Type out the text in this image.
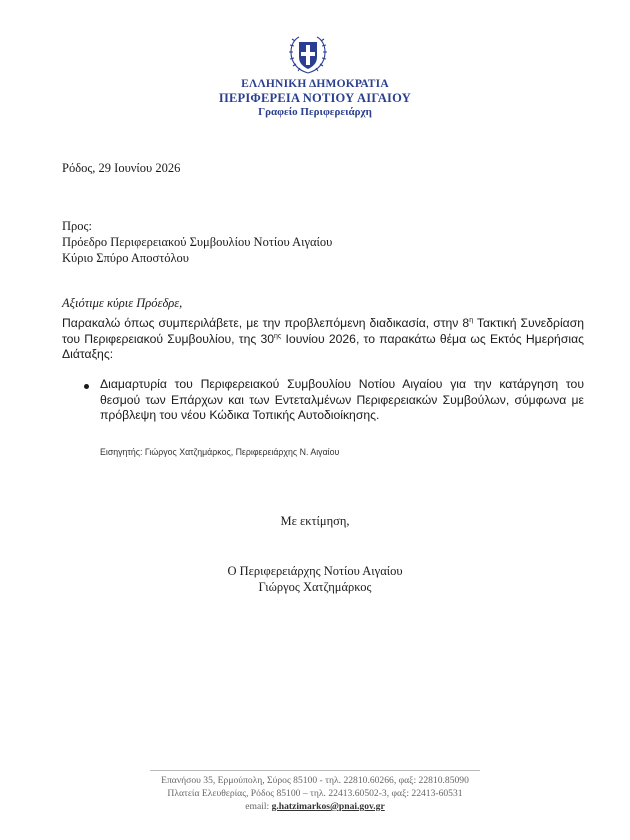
ΕΛΛΗΝΙΚΗ ΔΗΜΟΚΡΑΤΙΑ
ΠΕΡΙΦΕΡΕΙΑ ΝΟΤΙΟΥ ΑΙΓΑΙΟΥ
Γραφείο Περιφερειάρχη
Ρόδος, 29 Ιουνίου 2026
Προς:
Πρόεδρο Περιφερειακού Συμβουλίου Νοτίου Αιγαίου
Κύριο Σπύρο Αποστόλου
Αξιότιμε κύριε Πρόεδρε,
Παρακαλώ όπως συμπεριλάβετε, με την προβλεπόμενη διαδικασία, στην $8^\eta$ Τακτική Συνεδρίαση του Περιφερειακού Συμβουλίου, της $30^{\eta\varsigma}$ Ιουνίου 2026, το παρακάτω θέμα ως Εκτός Ημερήσιας Διάταξης:
Διαμαρτυρία του Περιφερειακού Συμβουλίου Νοτίου Αιγαίου για την κατάργηση του θεσμού των Επάρχων και των Εντεταλμένων Περιφερειακών Συμβούλων, σύμφωνα με πρόβλεψη του νέου Κώδικα Τοπικής Αυτοδιοίκησης.
Εισηγητής: Γιώργος Χατζημάρκος, Περιφερειάρχης Ν. Αιγαίου
Με εκτίμηση,
Ο Περιφερειάρχης Νοτίου Αιγαίου
Γιώργος Χατζημάρκος
Επανήσου 35, Ερμούπολη, Σύρος 85100 - τηλ. 22810.60266, φαξ: 22810.85090
Πλατεία Ελευθερίας, Ρόδος 85100 – τηλ. 22413.60502-3, φαξ: 22413-60531
email: g.hatzimarkos@pnai.gov.gr
